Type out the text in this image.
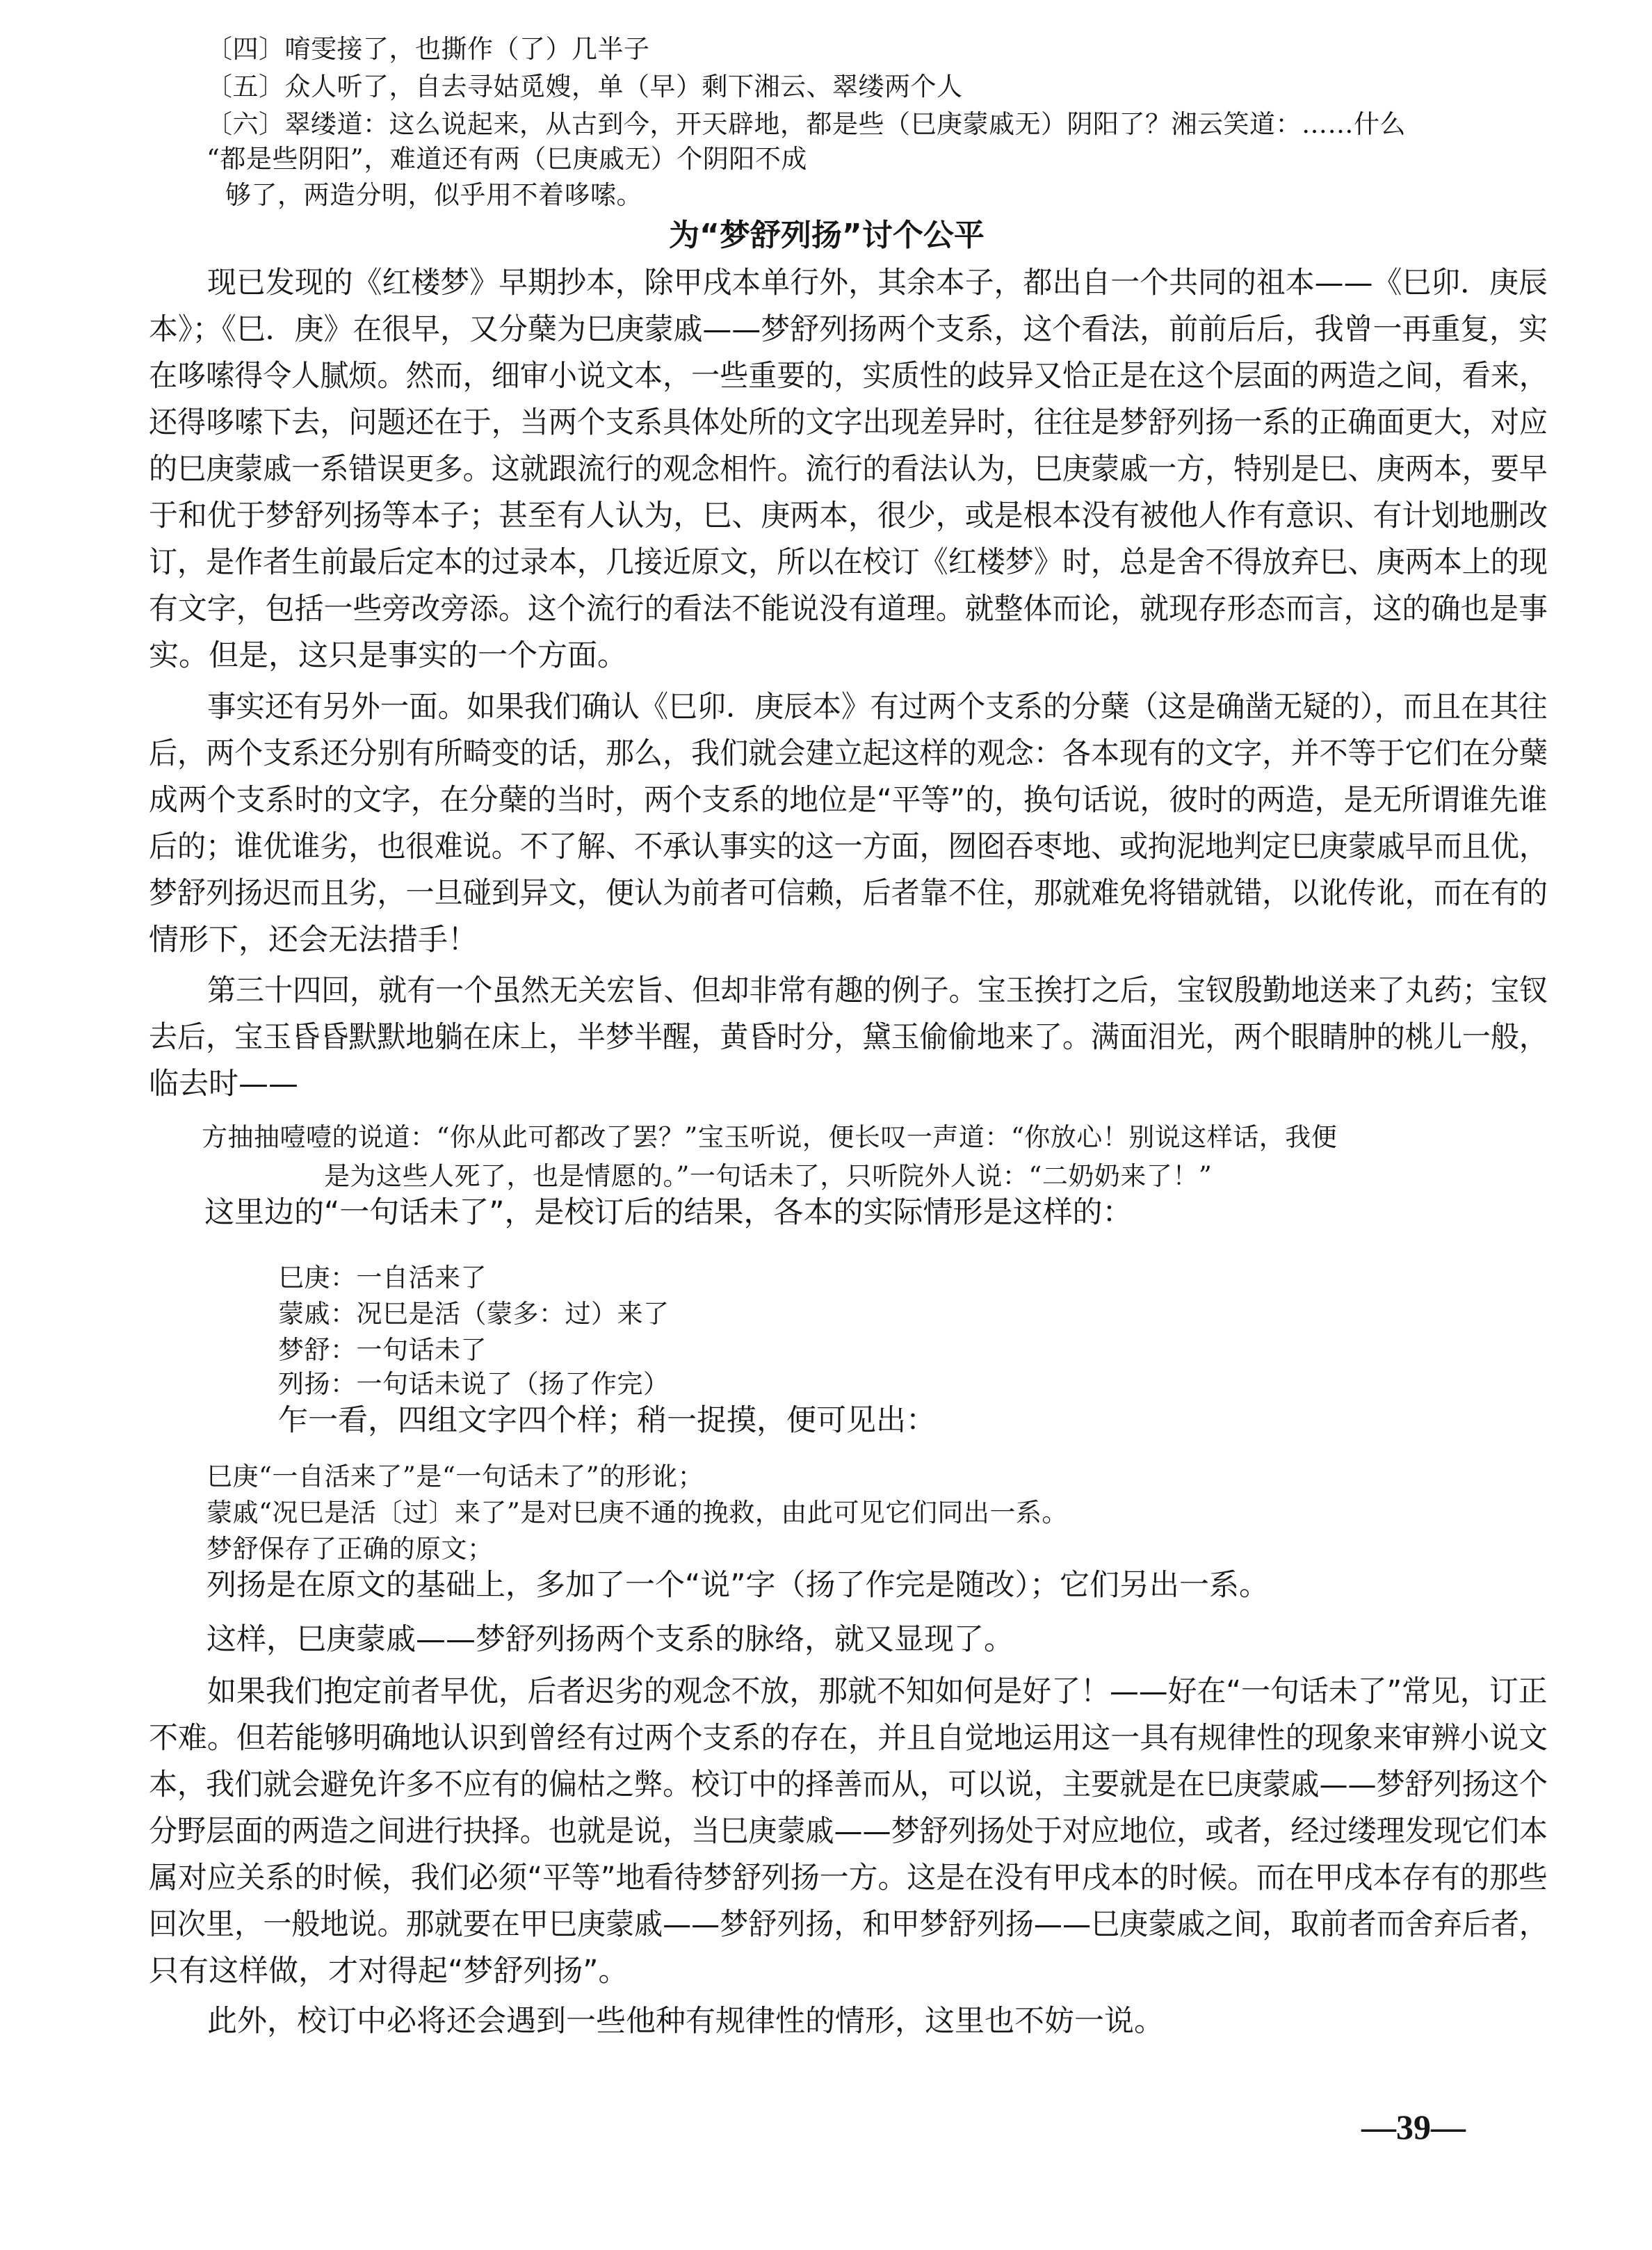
〔四〕唷雯接了，也撕作（了）几半子
〔五〕众人听了，自去寻姑觅嫂，单（早）剩下湘云、翠缕两个人
〔六〕翠缕道：这么说起来，从古到今，开天辟地，都是些（巳庚蒙戚无）阴阳了？湘云笑道：……什么
“都是些阴阳”，难道还有两（巳庚戚无）个阴阳不成
够了，两造分明，似乎用不着哆嗦。
为“梦舒列扬”讨个公平
现已发现的《红楼梦》早期抄本，除甲戌本单行外，其余本子，都出自一个共同的祖本——《巳卯．庚辰
本》；《巳．庚》在很早，又分蘖为巳庚蒙戚——梦舒列扬两个支系，这个看法，前前后后，我曾一再重复，实
在哆嗦得令人腻烦。然而，细审小说文本，一些重要的，实质性的歧异又恰正是在这个层面的两造之间，看来，
还得哆嗦下去，问题还在于，当两个支系具体处所的文字出现差异时，往往是梦舒列扬一系的正确面更大，对应
的巳庚蒙戚一系错误更多。这就跟流行的观念相忤。流行的看法认为，巳庚蒙戚一方，特别是巳、庚两本，要早
于和优于梦舒列扬等本子；甚至有人认为，巳、庚两本，很少，或是根本没有被他人作有意识、有计划地删改
订，是作者生前最后定本的过录本，几接近原文，所以在校订《红楼梦》时，总是舍不得放弃巳、庚两本上的现
有文字，包括一些旁改旁添。这个流行的看法不能说没有道理。就整体而论，就现存形态而言，这的确也是事
实。但是，这只是事实的一个方面。
事实还有另外一面。如果我们确认《巳卯．庚辰本》有过两个支系的分蘖（这是确凿无疑的），而且在其往
后，两个支系还分别有所畸变的话，那么，我们就会建立起这样的观念：各本现有的文字，并不等于它们在分蘖
成两个支系时的文字，在分蘖的当时，两个支系的地位是“平等”的，换句话说，彼时的两造，是无所谓谁先谁
后的；谁优谁劣，也很难说。不了解、不承认事实的这一方面，囫囵吞枣地、或拘泥地判定巳庚蒙戚早而且优，
梦舒列扬迟而且劣，一旦碰到异文，便认为前者可信赖，后者靠不住，那就难免将错就错，以讹传讹，而在有的
情形下，还会无法措手！
第三十四回，就有一个虽然无关宏旨、但却非常有趣的例子。宝玉挨打之后，宝钗殷勤地送来了丸药；宝钗
去后，宝玉昏昏默默地躺在床上，半梦半醒，黄昏时分，黛玉偷偷地来了。满面泪光，两个眼睛肿的桃儿一般，
临去时——
方抽抽噎噎的说道：“你从此可都改了罢？”宝玉听说，便长叹一声道：“你放心！别说这样话，我便
是为这些人死了，也是情愿的。”一句话未了，只听院外人说：“二奶奶来了！”
这里边的“一句话未了”，是校订后的结果，各本的实际情形是这样的：
巳庚：一自活来了
蒙戚：况巳是活（蒙多：过）来了
梦舒：一句话未了
列扬：一句话未说了（扬了作完）
乍一看，四组文字四个样；稍一捉摸，便可见出：
巳庚“一自活来了”是“一句话未了”的形讹；
蒙戚“况巳是活〔过〕来了”是对巳庚不通的挽救，由此可见它们同出一系。
梦舒保存了正确的原文；
列扬是在原文的基础上，多加了一个“说”字（扬了作完是随改）；它们另出一系。
这样，巳庚蒙戚——梦舒列扬两个支系的脉络，就又显现了。
如果我们抱定前者早优，后者迟劣的观念不放，那就不知如何是好了！——好在“一句话未了”常见，订正
不难。但若能够明确地认识到曾经有过两个支系的存在，并且自觉地运用这一具有规律性的现象来审辨小说文
本，我们就会避免许多不应有的偏枯之弊。校订中的择善而从，可以说，主要就是在巳庚蒙戚——梦舒列扬这个
分野层面的两造之间进行抉择。也就是说，当巳庚蒙戚——梦舒列扬处于对应地位，或者，经过缕理发现它们本
属对应关系的时候，我们必须“平等”地看待梦舒列扬一方。这是在没有甲戌本的时候。而在甲戌本存有的那些
回次里，一般地说。那就要在甲巳庚蒙戚——梦舒列扬，和甲梦舒列扬——巳庚蒙戚之间，取前者而舍弃后者，
只有这样做，才对得起“梦舒列扬”。
此外，校订中必将还会遇到一些他种有规律性的情形，这里也不妨一说。
—39—
